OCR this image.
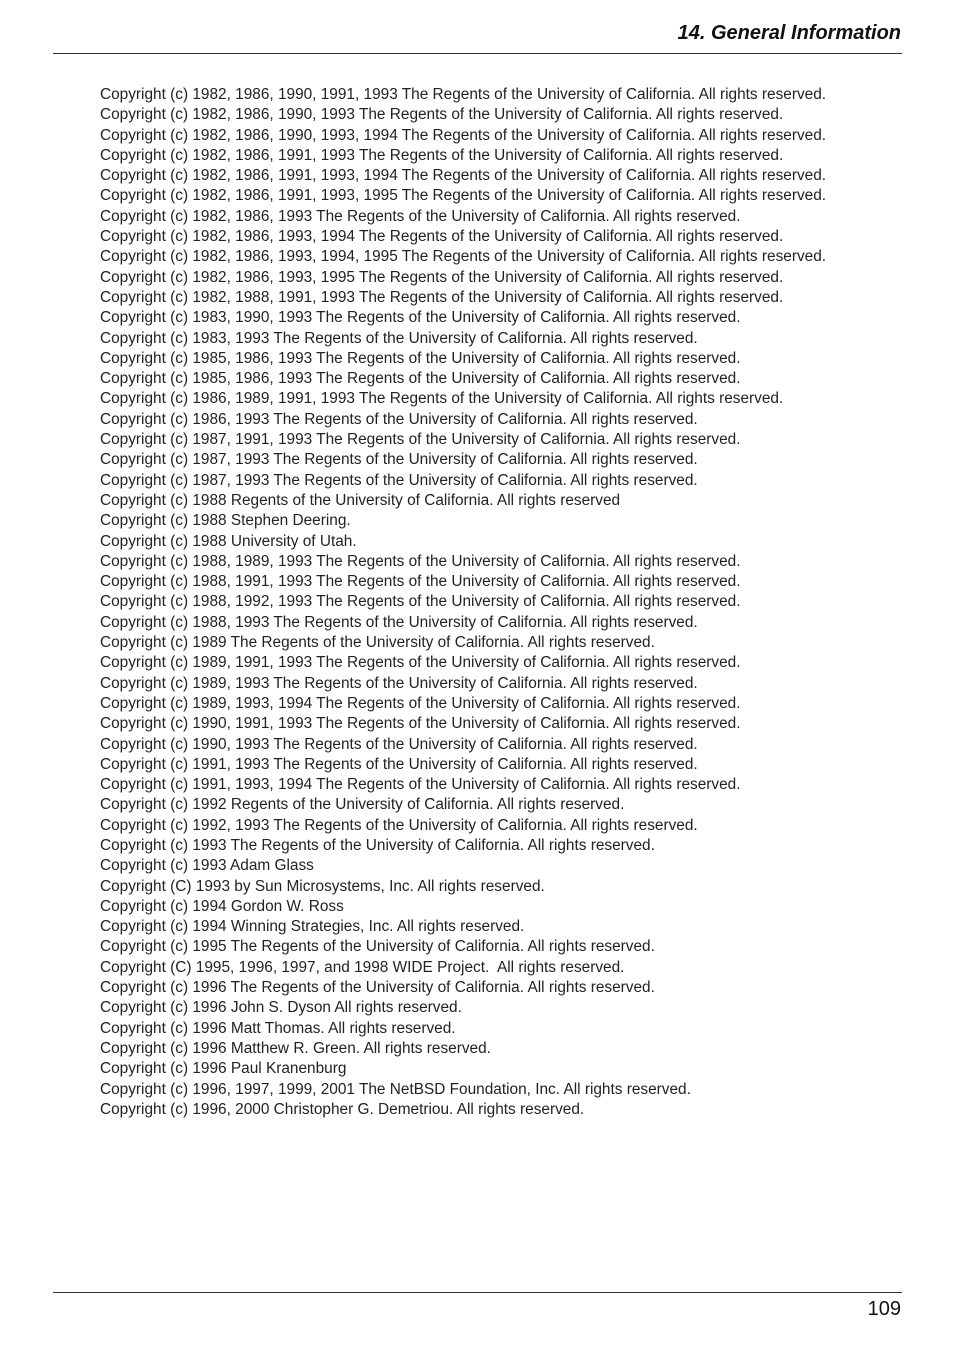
14. General Information

Copyright (c) 1982, 1986, 1990, 1991, 1993 The Regents of the University of California. All rights reserved.

Copyright (c) 1982, 1986, 1990, 1993 The Regents of the University of California. All rights reserved.

Copyright (c) 1982, 1986, 1990, 1993, 1994 The Regents of the University of California. All rights reserved.

Copyright (c) 1982, 1986, 1991, 1993 The Regents of the University of California. All rights reserved.

Copyright (c) 1982, 1986, 1991, 1993, 1994 The Regents of the University of California. All rights reserved.

Copyright (c) 1982, 1986, 1991, 1993, 1995 The Regents of the University of California. All rights reserved.

Copyright (c) 1982, 1986, 1993 The Regents of the University of California. All rights reserved.

Copyright (c) 1982, 1986, 1993, 1994 The Regents of the University of California. All rights reserved.

Copyright (c) 1982, 1986, 1993, 1994, 1995 The Regents of the University of California. All rights reserved.

Copyright (c) 1982, 1986, 1993, 1995 The Regents of the University of California. All rights reserved.

Copyright (c) 1982, 1988, 1991, 1993 The Regents of the University of California. All rights reserved.

Copyright (c) 1983, 1990, 1993 The Regents of the University of California. All rights reserved.

Copyright (c) 1983, 1993 The Regents of the University of California. All rights reserved.

Copyright (c) 1985, 1986, 1993 The Regents of the University of California. All rights reserved.

Copyright (c) 1985, 1986, 1993 The Regents of the University of California. All rights reserved.

Copyright (c) 1986, 1989, 1991, 1993 The Regents of the University of California. All rights reserved.

Copyright (c) 1986, 1993 The Regents of the University of California. All rights reserved.

Copyright (c) 1987, 1991, 1993 The Regents of the University of California. All rights reserved.

Copyright (c) 1987, 1993 The Regents of the University of California. All rights reserved.

Copyright (c) 1987, 1993 The Regents of the University of California. All rights reserved.

Copyright (c) 1988 Regents of the University of California. All rights reserved

Copyright (c) 1988 Stephen Deering.

Copyright (c) 1988 University of Utah.

Copyright (c) 1988, 1989, 1993 The Regents of the University of California. All rights reserved.

Copyright (c) 1988, 1991, 1993 The Regents of the University of California. All rights reserved.

Copyright (c) 1988, 1992, 1993 The Regents of the University of California. All rights reserved.

Copyright (c) 1988, 1993 The Regents of the University of California. All rights reserved.

Copyright (c) 1989 The Regents of the University of California. All rights reserved.

Copyright (c) 1989, 1991, 1993 The Regents of the University of California. All rights reserved.

Copyright (c) 1989, 1993 The Regents of the University of California. All rights reserved.

Copyright (c) 1989, 1993, 1994 The Regents of the University of California. All rights reserved.

Copyright (c) 1990, 1991, 1993 The Regents of the University of California. All rights reserved.

Copyright (c) 1990, 1993 The Regents of the University of California. All rights reserved.

Copyright (c) 1991, 1993 The Regents of the University of California. All rights reserved.

Copyright (c) 1991, 1993, 1994 The Regents of the University of California. All rights reserved.

Copyright (c) 1992 Regents of the University of California. All rights reserved.

Copyright (c) 1992, 1993 The Regents of the University of California. All rights reserved.

Copyright (c) 1993 The Regents of the University of California. All rights reserved.

Copyright (c) 1993 Adam Glass

Copyright (C) 1993 by Sun Microsystems, Inc. All rights reserved.

Copyright (c) 1994 Gordon W. Ross

Copyright (c) 1994 Winning Strategies, Inc. All rights reserved.

Copyright (c) 1995 The Regents of the University of California. All rights reserved.

Copyright (C) 1995, 1996, 1997, and 1998 WIDE Project.  All rights reserved.

Copyright (c) 1996 The Regents of the University of California. All rights reserved.

Copyright (c) 1996 John S. Dyson All rights reserved.

Copyright (c) 1996 Matt Thomas. All rights reserved.

Copyright (c) 1996 Matthew R. Green. All rights reserved.

Copyright (c) 1996 Paul Kranenburg

Copyright (c) 1996, 1997, 1999, 2001 The NetBSD Foundation, Inc. All rights reserved.

Copyright (c) 1996, 2000 Christopher G. Demetriou. All rights reserved.

109
